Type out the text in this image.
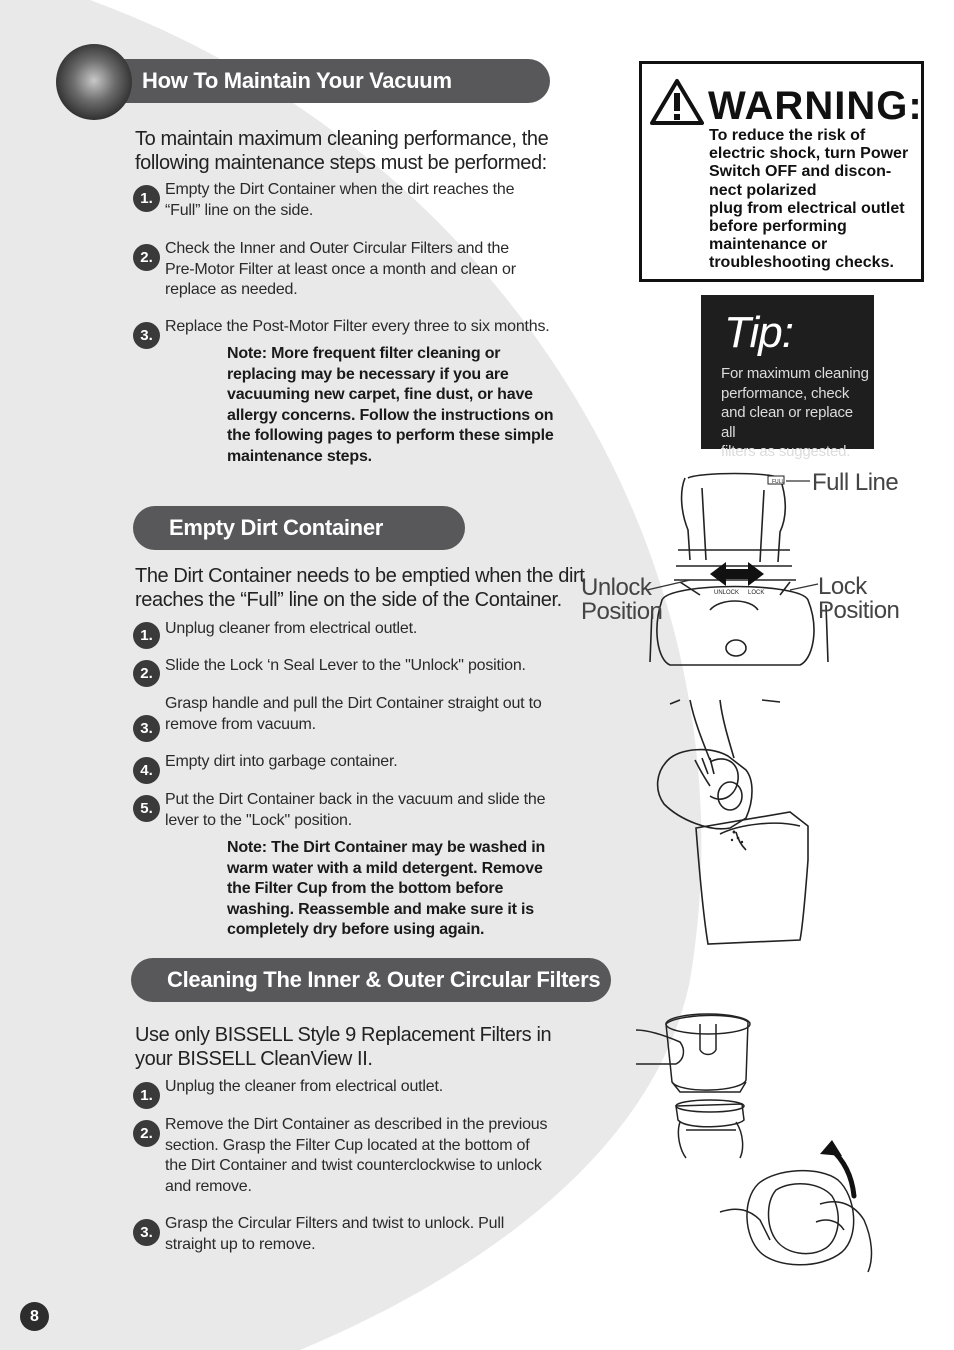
How To Maintain Your Vacuum
To maintain maximum cleaning performance, the
following maintenance steps must be performed:
1.
Empty the Dirt Container when the dirt reaches the
“Full” line on the side.
2.
Check the Inner and Outer Circular Filters and the
Pre-Motor Filter at least once a month and clean or
replace as needed.
3.
Replace the Post-Motor Filter every three to six months.
Note: More frequent filter cleaning or
replacing may be necessary if you are
vacuuming new carpet, fine dust, or have
allergy concerns. Follow the instructions on
the following pages to perform these simple
maintenance steps.
WARNING:
To reduce the risk of
electric shock, turn Power
Switch OFF and discon-
nect polarized
plug from electrical outlet
before performing
maintenance or
troubleshooting checks.
Tip:
For maximum cleaning
performance, check
and clean or replace all
filters as suggested.
FULL
UNLOCK LOCK
Full Line
Lock Position
Unlock
Position
Empty Dirt Container
The Dirt Container needs to be emptied when the dirt
reaches the “Full” line on the side of the Container.
1. Unplug cleaner from electrical outlet.
2. Slide the Lock ‘n Seal Lever to the "Unlock" position.
3.
Grasp handle and pull the Dirt Container straight out to
remove from vacuum.
4.
Empty dirt into garbage container.
5.
Put the Dirt Container back in the vacuum and slide the
lever to the "Lock" position.
Note: The Dirt Container may be washed in
warm water with a mild detergent. Remove
the Filter Cup from the bottom before
washing. Reassemble and make sure it is
completely dry before using again.
Cleaning The Inner & Outer Circular Filters
Use only BISSELL Style 9 Replacement Filters in
your BISSELL CleanView II.
1.
Unplug the cleaner from electrical outlet.
2.
Remove the Dirt Container as described in the previous
section. Grasp the Filter Cup located at the bottom of
the Dirt Container and twist counterclockwise to unlock
and remove.
3.
Grasp the Circular Filters and twist to unlock. Pull
straight up to remove.
8
